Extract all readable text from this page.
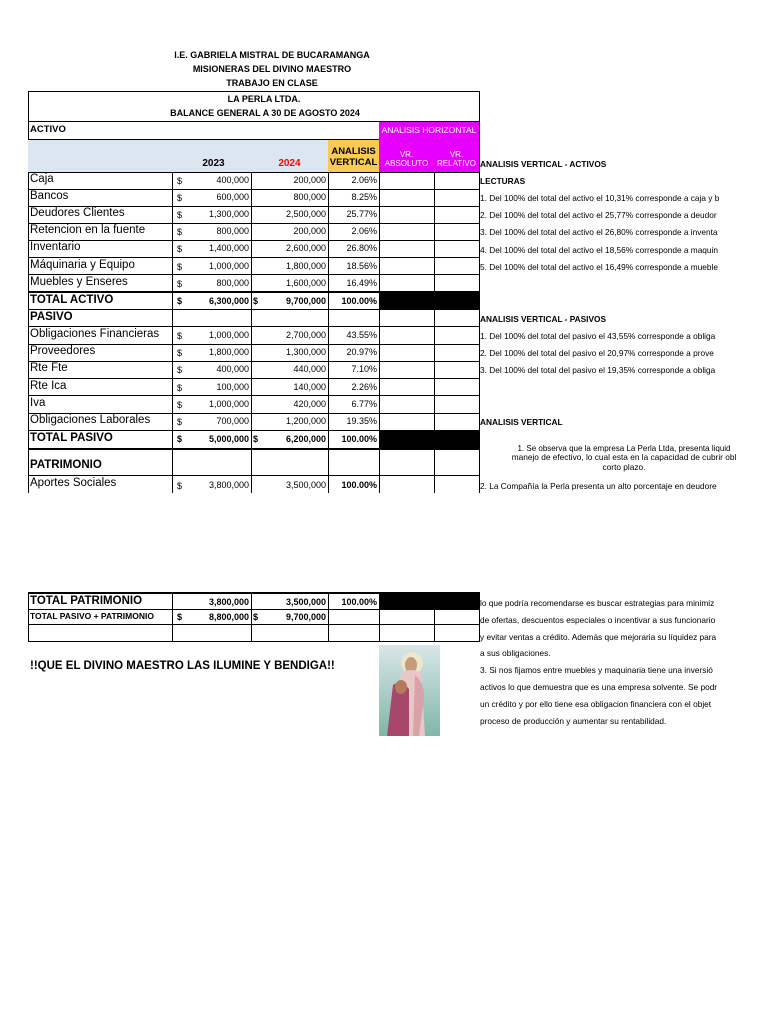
I.E. GABRIELA MISTRAL DE BUCARAMANGA
MISIONERAS DEL DIVINO MAESTRO
TRABAJO EN CLASE
LA PERLA LTDA.
BALANCE GENERAL A 30 DE AGOSTO 2024
ANALISIS HORIZONTAL
ACTIVO
2023	2024
ANALISIS
VERTICAL
VR.
ABSOLUTO
VR.
RELATIVO
Caja	$	400,000	200,000	2.06%
Bancos	$	600,000	800,000	8.25%
Deudores Clientes	$	1,300,000	2,500,000	25.77%
Retencion en la fuente	$	800,000	200,000	2.06%
Inventario	$	1,400,000	2,600,000	26.80%
Máquinaria y Equipo	$	1,000,000	1,800,000	18.56%
Muebles y Enseres	$	800,000	1,600,000	16.49%
TOTAL ACTIVO	$	6,300,000 $	9,700,000	100.00%
PASIVO
Obligaciones Financieras $	1,000,000	2,700,000	43.55%
Proveedores	$	1,800,000	1,300,000	20.97%
Rte Fte	$	400,000	440,000	7.10%
Rte Ica	$	100,000	140,000	2.26%
Iva	$	1,000,000	420,000	6.77%
Obligaciones Laborales	$	700,000	1,200,000	19.35%
TOTAL PASIVO	$	5,000,000 $	6,200,000	100.00%
PATRIMONIO
Aportes Sociales	$	3,800,000	3,500,000	100.00%
TOTAL PATRIMONIO	3,800,000	3,500,000	100.00%
TOTAL PASIVO + PATRIMONIO	$	8,800,000 $	9,700,000
!!QUE EL DIVINO MAESTRO LAS ILUMINE Y BENDIGA!!
ANALISIS VERTICAL - ACTIVOS
LECTURAS
1. Del 100% del total del activo el 10,31% corresponde a caja y b
2. Del 100% del total del activo el 25,77% corresponde a deudor
3. Del 100% del total del activo el 26,80% corresponde a inventa
4. Del 100% del total del activo el 18,56% corresponde a maquin
5. Del 100% del total del activo el 16,49% corresponde a mueble
ANALISIS VERTICAL - PASIVOS
1. Del 100% del total del pasivo el 43,55% corresponde a obliga
2. Del 100% del total del pasivo el 20,97% corresponde a prove
3. Del 100% del total del pasivo el 19,35% corresponde a obliga
ANALISIS VERTICAL
1. Se observa que la empresa La Perla Ltda, presenta liquid
manejo de efectivo, lo cual esta en la capacidad de cubrir obl
corto plazo.
2. La Compañía la Perla presenta un alto porcentaje en deudore
lo que podría recomendarse es buscar estrategias para minimiz
de ofertas, descuentos especiales o incentivar a sus funcionario
y evitar ventas a crédito. Además que mejoraria su líquidez para
a sus obligaciones.
3. Si nos fijamos entre muebles y maquinaria tiene una inversió
activos lo que demuestra que es una empresa solvente. Se podr
un crédito y por ello tiene esa obligacion financiera con el objet
proceso de producción y aumentar su rentabilidad.
